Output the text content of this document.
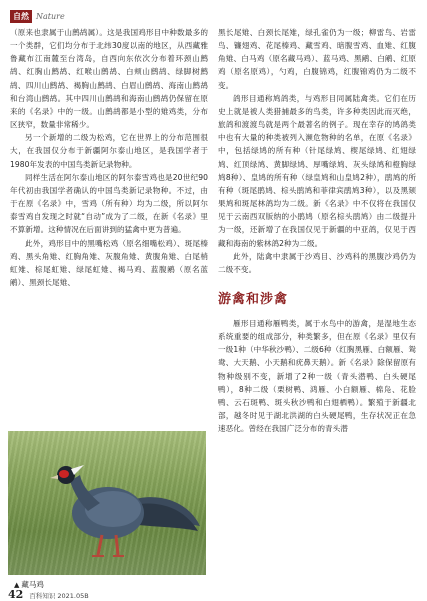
自然 Nature

（原来也隶属于山鹧鸪属）。这是我国鸡形目中种数最多的一个类群，它们均分布于北纬30度以南的地区，从西藏雅鲁藏布江南麓至台湾岛，自西向东依次分布着环颈山鹧鸪、红胸山鹧鸪、红喉山鹧鸪、白颊山鹧鸪、绿脚树鹧鸪、四川山鹧鸪、褐胸山鹧鸪、白眉山鹧鸪、海南山鹧鸪和台湾山鹧鸪。其中四川山鹧鸪和海南山鹧鸪仍保留在原来的《名录》中的一级。山鹧鸪都是小型的雉鸡类，分布区狭窄，数量非常稀少。

另一个新增的二级为松鸡，它在世界上的分布范围很大，在我国仅分布于新疆阿尔泰山地区，是我国学者于1980年发表的中国鸟类新记录物种。

同样生活在阿尔泰山地区的阿尔泰雪鸡也是20世纪90年代初由我国学者确认的中国鸟类新记录物种。不过，由于在原《名录》中，雪鸡（所有种）均为二级，所以阿尔泰雪鸡自发现之时就“自动”成为了二级，在新《名录》里不算新增。这种情况在后面讲到的猛禽中更为普遍。

此外，鸡形目中的黑嘴松鸡（原名细嘴松鸡）、斑尾榛鸡、黑头角雉、红胸角雉、灰腹角雉、黄腹角雉、白尾梢虹雉、棕尾虹雉、绿尾虹雉、褐马鸡、蓝腹鹇（原名蓝鹇）、黑颈长尾雉、

▲ 藏马鸡

黑长尾雉、白颈长尾雉，绿孔雀仍为一级；柳雷鸟、岩雷鸟、镰翅鸡、花尾榛鸡、藏雪鸡、暗腹雪鸡、血雉、红腹角雉、白马鸡（原名藏马鸡）、蓝马鸡、黑鹇、白鹇、红原鸡（原名原鸡），勺鸡，白腹锦鸡，红腹锦鸡仍为二级不变。

鸽形目通称鸠鸽类，与鸡形目同属陆禽类。它们在历史上就是被人类猎捕最多的鸟类，许多种类因此而灭绝，旅鸽和渡渡鸟就是两个最著名的例子。现在幸存的鸠鸽类中也有大量的种类被列入濒危物种的名单，在原《名录》中，包括绿鸠的所有种（针尾绿鸠、楔尾绿鸠、红翅绿鸠、红顶绿鸠、黄脚绿鸠、厚嘴绿鸠、灰头绿鸠和橙胸绿鸠8种）、皇鸠的所有种（绿皇鸠和山皇鸠2种），鹃鸠的所有种（斑尾鹃鸠、棕头鹃鸠和菲律宾鹃鸠3种），以及黑颏果鸠和斑尾林鸽均为二级。新《名录》中不仅将在我国仅见于云南西双版纳的小鹃鸠（原名棕头鹃鸠）由二级提升为一级，还新增了在我国仅见于新疆的中亚鸽，仅见于西藏和海南的紫林鸽2种为二级。

此外，陆禽中隶属于沙鸡目、沙鸡科的黑腹沙鸡仍为二级不变。

游禽和涉禽

雁形目通称雁鸭类，属于水鸟中的游禽，是湿地生态系统重要的组成部分，种类繁多，但在原《名录》里仅有一级1种（中华秋沙鸭）、二级6种（红胸黑雁、白额雁、鸳鸯、大天鹅、小天鹅和疣鼻天鹅）。新《名录》除保留原有物种级别不变，新增了2种一级（青头潜鸭、白头硬尾鸭），8种二级（栗树鸭、鸿雁、小白额雁、棉凫、花脸鸭、云石斑鸭、斑头秋沙鸭和白翅栖鸭）。繁殖于新疆北部，越冬时见于湖北洪湖的白头硬尾鸭，生存状况正在急速恶化。曾经在我国广泛分布的青头潜

42 百科知识 2021.05B
